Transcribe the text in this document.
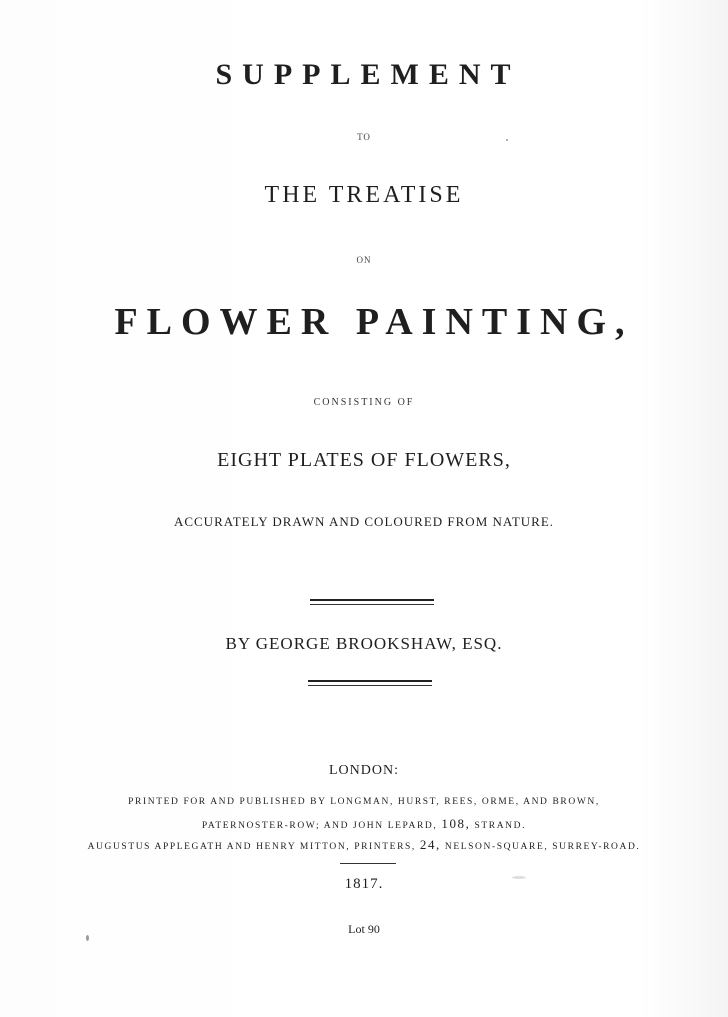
SUPPLEMENT
TO
THE TREATISE
ON
FLOWER PAINTING,
CONSISTING OF
EIGHT PLATES OF FLOWERS,
ACCURATELY DRAWN AND COLOURED FROM NATURE.
BY GEORGE BROOKSHAW, ESQ.
LONDON:
PRINTED FOR AND PUBLISHED BY LONGMAN, HURST, REES, ORME, AND BROWN,
PATERNOSTER-ROW; AND JOHN LEPARD, 108, STRAND.
AUGUSTUS APPLEGATH AND HENRY MITTON, PRINTERS, 24, NELSON-SQUARE, SURREY-ROAD.
1817.
Lot 90
